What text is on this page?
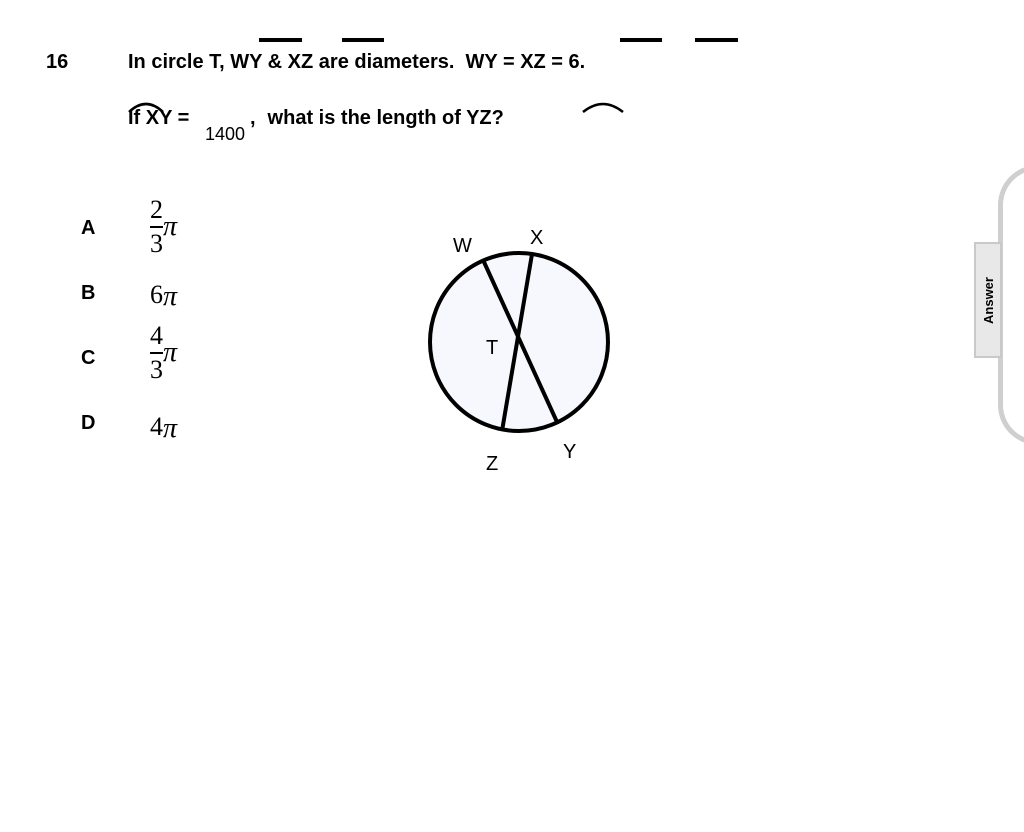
16	In circle T, WY & XZ are diameters.  WY = XZ = 6.
If XY =
1400
, what is the length of YZ?
A $\frac{2}{3}$ π
B 6π
C $\frac{4}{3}$ π
D 4π
W	X
T
Y
Z
Answer
